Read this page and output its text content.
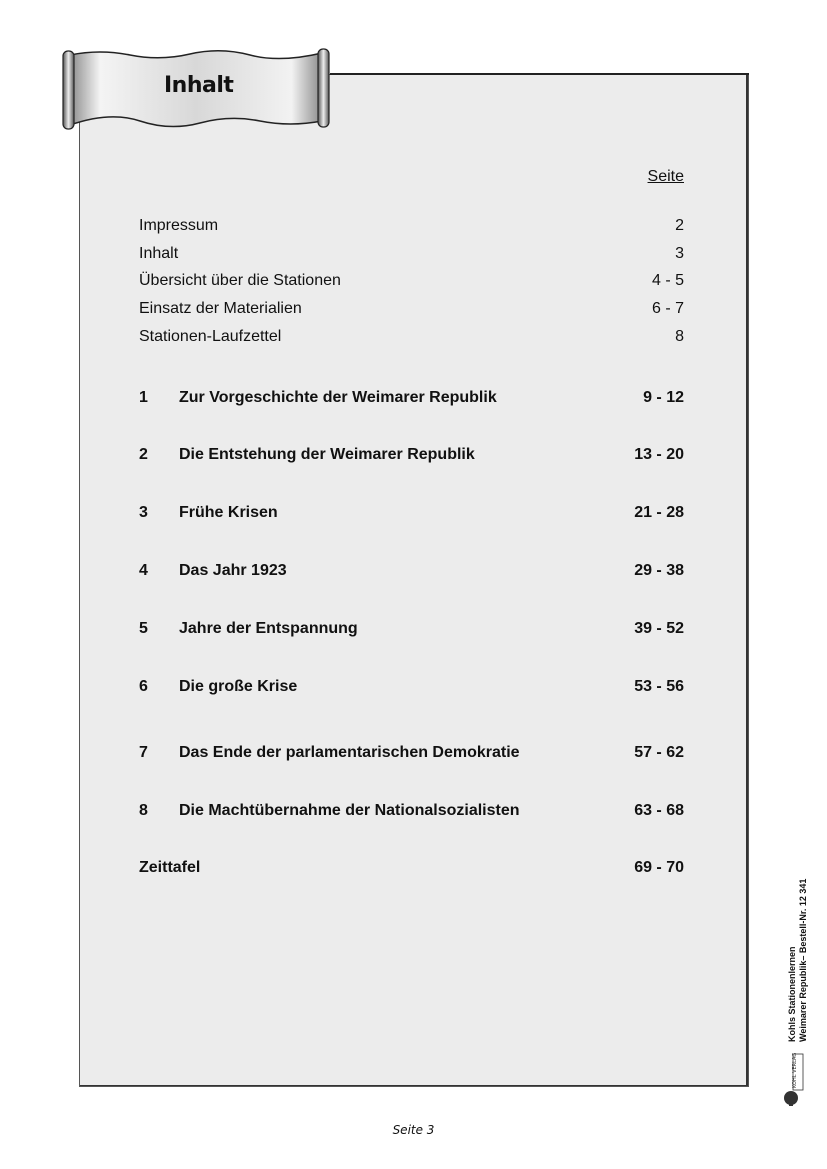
Inhalt
Seite
Impressum	2
Inhalt	3
Übersicht über die Stationen	4 - 5
Einsatz der Materialien	6 - 7
Stationen-Laufzettel	8
1 Zur Vorgeschichte der Weimarer Republik	9 - 12
2 Die Entstehung der Weimarer Republik	13 - 20
3 Frühe Krisen	21 - 28
4 Das Jahr 1923	29 - 38
5 Jahre der Entspannung	39 - 52
6 Die große Krise	53 - 56
7 Das Ende der parlamentarischen Demokratie	57 - 62
8 Die Machtübernahme der Nationalsozialisten	63 - 68
Zeittafel	69 - 70
Kohls Stationenlernen Weimarer Republik– Bestell-Nr. 12 341
KOHL VERLAG
Seite 3
